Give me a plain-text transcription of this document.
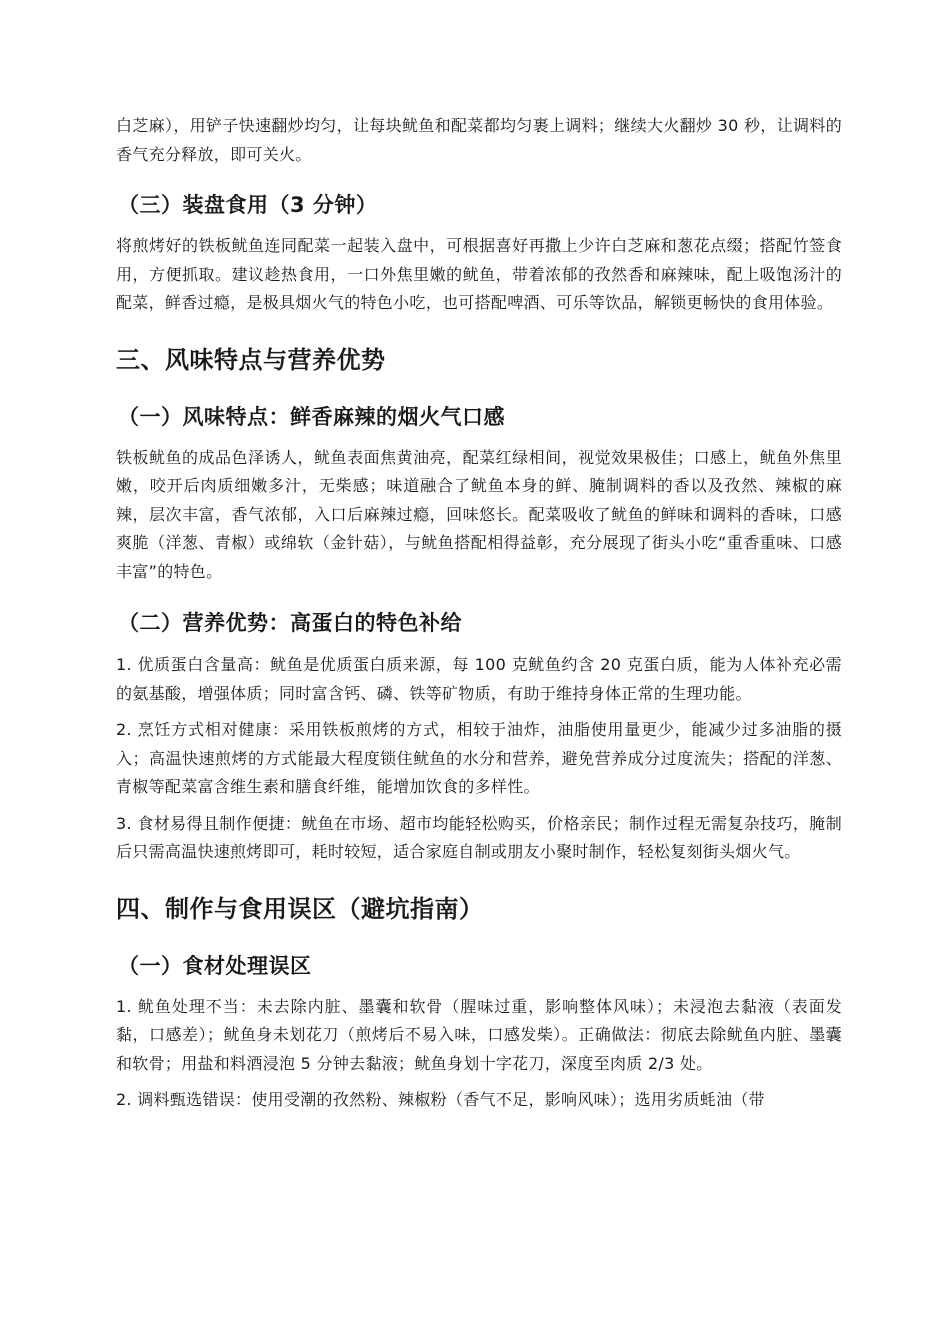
白芝麻），用铲子快速翻炒均匀，让每块鱿鱼和配菜都均匀裹上调料；继续大火翻炒 30 秒，让调料的香气充分释放，即可关火。

（三）装盘食用（3 分钟）

将煎烤好的铁板鱿鱼连同配菜一起装入盘中，可根据喜好再撒上少许白芝麻和葱花点缀；搭配竹签食用，方便抓取。建议趁热食用，一口外焦里嫩的鱿鱼，带着浓郁的孜然香和麻辣味，配上吸饱汤汁的配菜，鲜香过瘾，是极具烟火气的特色小吃，也可搭配啤酒、可乐等饮品，解锁更畅快的食用体验。

三、风味特点与营养优势
（一）风味特点：鲜香麻辣的烟火气口感

铁板鱿鱼的成品色泽诱人，鱿鱼表面焦黄油亮，配菜红绿相间，视觉效果极佳；口感上，鱿鱼外焦里嫩，咬开后肉质细嫩多汁，无柴感；味道融合了鱿鱼本身的鲜、腌制调料的香以及孜然、辣椒的麻辣，层次丰富，香气浓郁，入口后麻辣过瘾，回味悠长。配菜吸收了鱿鱼的鲜味和调料的香味，口感爽脆（洋葱、青椒）或绵软（金针菇），与鱿鱼搭配相得益彰，充分展现了街头小吃“重香重味、口感丰富”的特色。

（二）营养优势：高蛋白的特色补给

1. 优质蛋白含量高：鱿鱼是优质蛋白质来源，每 100 克鱿鱼约含 20 克蛋白质，能为人体补充必需的氨基酸，增强体质；同时富含钙、磷、铁等矿物质，有助于维持身体正常的生理功能。

2. 烹饪方式相对健康：采用铁板煎烤的方式，相较于油炸，油脂使用量更少，能减少过多油脂的摄入；高温快速煎烤的方式能最大程度锁住鱿鱼的水分和营养，避免营养成分过度流失；搭配的洋葱、青椒等配菜富含维生素和膳食纤维，能增加饮食的多样性。

3. 食材易得且制作便捷：鱿鱼在市场、超市均能轻松购买，价格亲民；制作过程无需复杂技巧，腌制后只需高温快速煎烤即可，耗时较短，适合家庭自制或朋友小聚时制作，轻松复刻街头烟火气。

四、制作与食用误区（避坑指南）
（一）食材处理误区

1. 鱿鱼处理不当：未去除内脏、墨囊和软骨（腥味过重，影响整体风味）；未浸泡去黏液（表面发黏，口感差）；鱿鱼身未划花刀（煎烤后不易入味，口感发柴）。正确做法：彻底去除鱿鱼内脏、墨囊和软骨；用盐和料酒浸泡 5 分钟去黏液；鱿鱼身划十字花刀，深度至肉质 2/3 处。

2. 调料甄选错误：使用受潮的孜然粉、辣椒粉（香气不足，影响风味）；选用劣质蚝油（带
